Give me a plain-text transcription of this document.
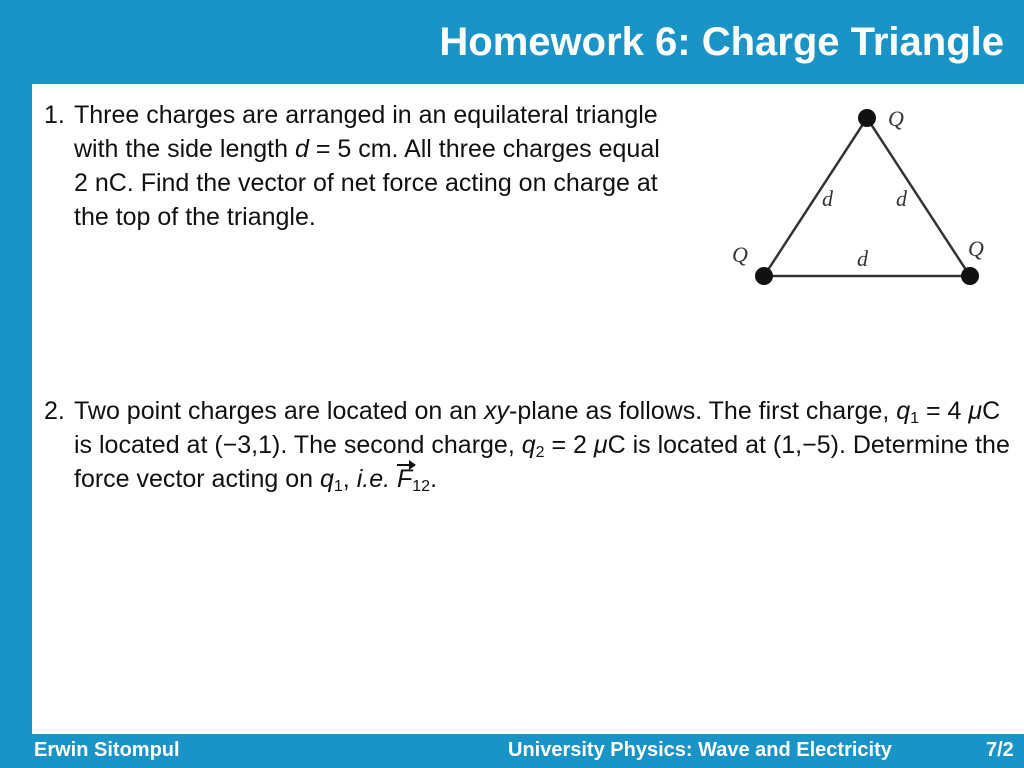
Homework 6: Charge Triangle
1. Three charges are arranged in an equilateral triangle with the side length d = 5 cm. All three charges equal 2 nC. Find the vector of net force acting on charge at the top of the triangle.
Q
Q	Q
d	d
d
2. Two point charges are located on an xy-plane as follows. The first charge, $q_1 = 4$ μC is located at (−3,1). The second charge, $q_2 = 2$ μC is located at (1,−5). Determine the force vector acting on $q_1$, i.e. $F_{12}$.
Erwin Sitompul	University Physics: Wave and Electricity	7/2
